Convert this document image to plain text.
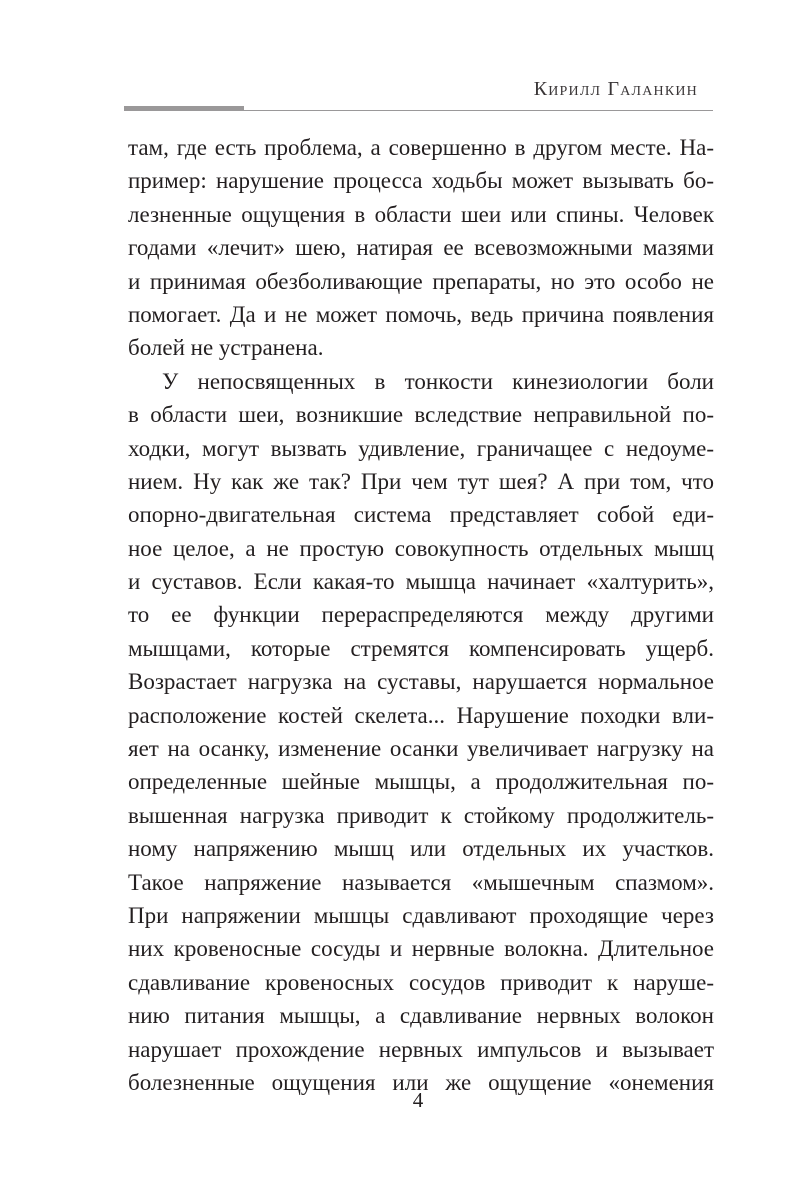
Кирилл Галанкин
там, где есть проблема, а совершенно в другом месте. На-
пример: нарушение процесса ходьбы может вызывать бо-
лезненные ощущения в области шеи или спины. Человек
годами «лечит» шею, натирая ее всевозможными мазями
и принимая обезболивающие препараты, но это особо не
помогает. Да и не может помочь, ведь причина появления
болей не устранена.
У непосвященных в тонкости кинезиологии боли
в области шеи, возникшие вследствие неправильной по-
ходки, могут вызвать удивление, граничащее с недоуме-
нием. Ну как же так? При чем тут шея? А при том, что
опорно-двигательная система представляет собой еди-
ное целое, а не простую совокупность отдельных мышц
и суставов. Если какая-то мышца начинает «халтурить»,
то ее функции перераспределяются между другими
мышцами, которые стремятся компенсировать ущерб.
Возрастает нагрузка на суставы, нарушается нормальное
расположение костей скелета... Нарушение походки вли-
яет на осанку, изменение осанки увеличивает нагрузку на
определенные шейные мышцы, а продолжительная по-
вышенная нагрузка приводит к стойкому продолжитель-
ному напряжению мышц или отдельных их участков.
Такое напряжение называется «мышечным спазмом».
При напряжении мышцы сдавливают проходящие через
них кровеносные сосуды и нервные волокна. Длительное
сдавливание кровеносных сосудов приводит к наруше-
нию питания мышцы, а сдавливание нервных волокон
нарушает прохождение нервных импульсов и вызывает
болезненные ощущения или же ощущение «онемения
4
